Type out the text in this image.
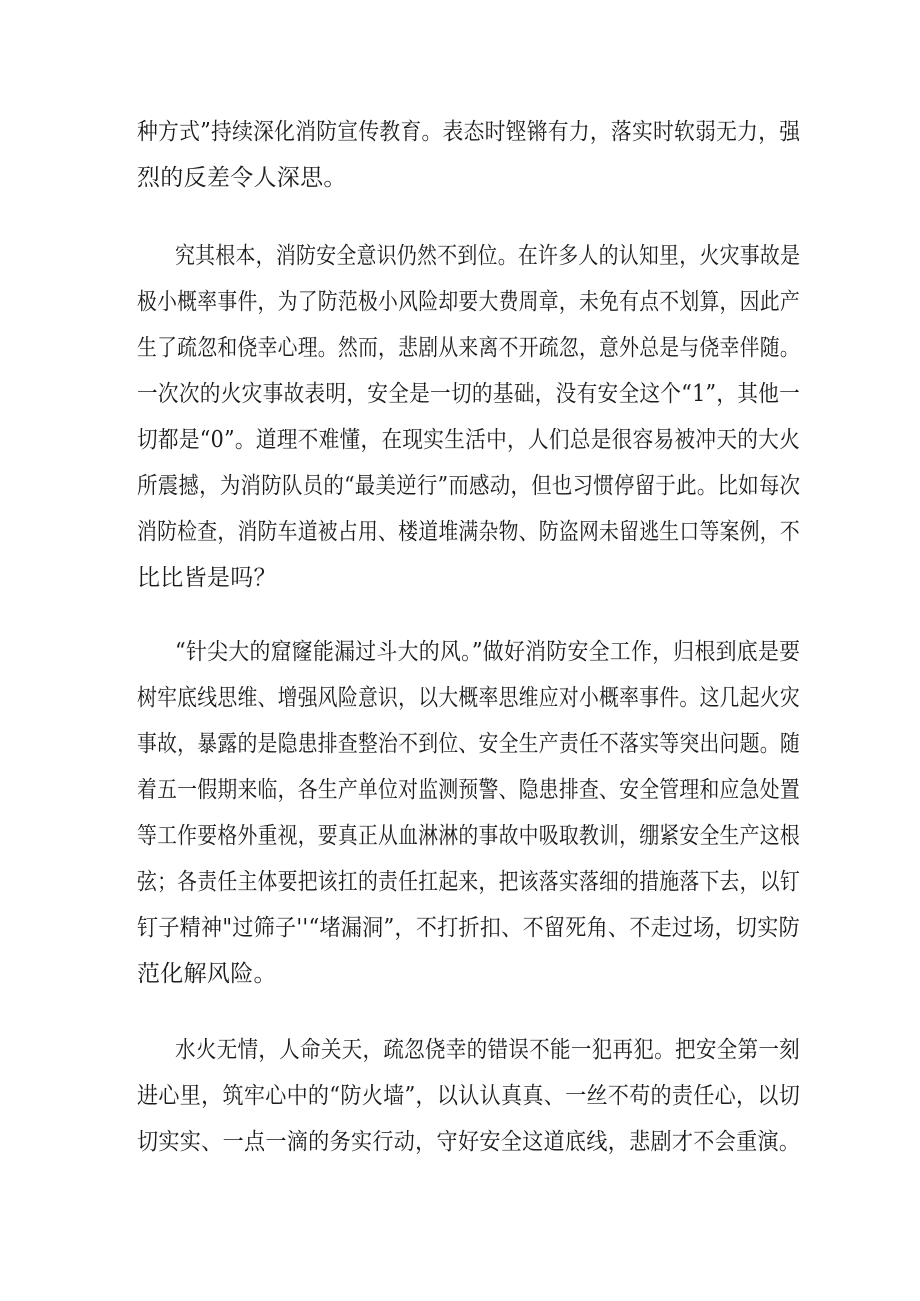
种方式”持续深化消防宣传教育。表态时铿锵有力，落实时软弱无力，强
烈的反差令人深思。
究其根本，消防安全意识仍然不到位。在许多人的认知里，火灾事故是
极小概率事件，为了防范极小风险却要大费周章，未免有点不划算，因此产
生了疏忽和侥幸心理。然而，悲剧从来离不开疏忽，意外总是与侥幸伴随。
一次次的火灾事故表明，安全是一切的基础，没有安全这个“1”，其他一
切都是“0”。道理不难懂，在现实生活中，人们总是很容易被冲天的大火
所震撼，为消防队员的“最美逆行”而感动，但也习惯停留于此。比如每次
消防检查，消防车道被占用、楼道堆满杂物、防盗网未留逃生口等案例，不
比比皆是吗？
“针尖大的窟窿能漏过斗大的风。”做好消防安全工作，归根到底是要
树牢底线思维、增强风险意识，以大概率思维应对小概率事件。这几起火灾
事故，暴露的是隐患排查整治不到位、安全生产责任不落实等突出问题。随
着五一假期来临，各生产单位对监测预警、隐患排查、安全管理和应急处置
等工作要格外重视，要真正从血淋淋的事故中吸取教训，绷紧安全生产这根
弦；各责任主体要把该扛的责任扛起来，把该落实落细的措施落下去，以钉
钉子精神"过筛子''“堵漏洞”，不打折扣、不留死角、不走过场，切实防
范化解风险。
水火无情，人命关天，疏忽侥幸的错误不能一犯再犯。把安全第一刻
进心里，筑牢心中的“防火墙”，以认认真真、一丝不苟的责任心，以切
切实实、一点一滴的务实行动，守好安全这道底线，悲剧才不会重演。
